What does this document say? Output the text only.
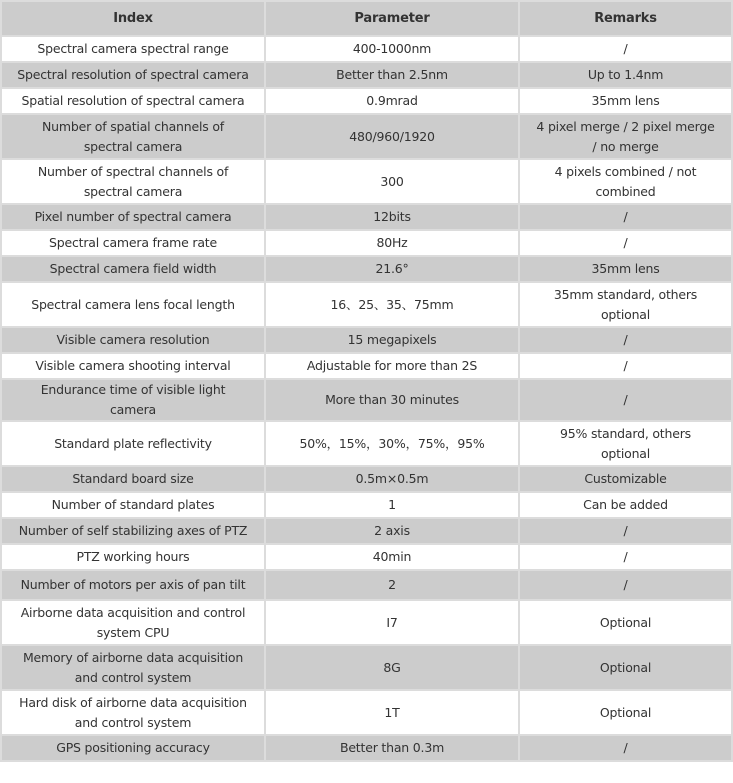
Index	Parameter	Remarks
Spectral camera spectral range	400-1000nm	/
Spectral resolution of spectral camera	Better than 2.5nm	Up to 1.4nm
Spatial resolution of spectral camera	0.9mrad	35mm lens
Number of spatial channels of spectral camera	480/960/1920	4 pixel merge / 2 pixel merge / no merge
Number of spectral channels of spectral camera	300	4 pixels combined / not combined
Pixel number of spectral camera	12bits	/
Spectral camera frame rate	80Hz	/
Spectral camera field width	21.6°	35mm lens
Spectral camera lens focal length	16、25、35、75mm	35mm standard, others optional
Visible camera resolution	15 megapixels	/
Visible camera shooting interval	Adjustable for more than 2S	/
Endurance time of visible light camera	More than 30 minutes	/
Standard plate reflectivity	50%，15%，30%，75%，95%	95% standard, others optional
Standard board size	0.5m×0.5m	Customizable
Number of standard plates	1	Can be added
Number of self stabilizing axes of PTZ	2 axis	/
PTZ working hours	40min	/
Number of motors per axis of pan tilt	2	/
Airborne data acquisition and control system CPU	I7	Optional
Memory of airborne data acquisition and control system	8G	Optional
Hard disk of airborne data acquisition and control system	1T	Optional
GPS positioning accuracy	Better than 0.3m	/
